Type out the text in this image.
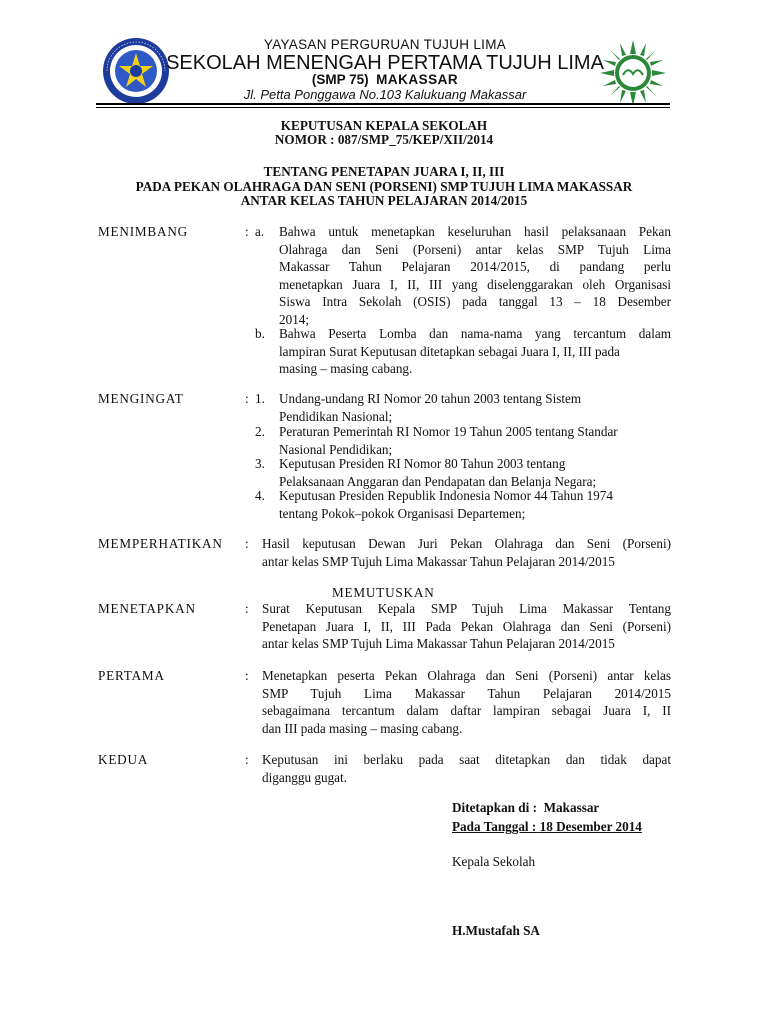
YAYASAN PERGURUAN TUJUH LIMA
SEKOLAH MENENGAH PERTAMA TUJUH LIMA
(SMP 75) MAKASSAR
Jl. Petta Ponggawa No.103 Kalukuang Makassar
KEPUTUSAN KEPALA SEKOLAH
NOMOR : 087/SMP_75/KEP/XII/2014
TENTANG PENETAPAN JUARA I, II, III
PADA PEKAN OLAHRAGA DAN SENI (PORSENI) SMP TUJUH LIMA MAKASSAR
ANTAR KELAS TAHUN PELAJARAN 2014/2015
MENIMBANG	: a. Bahwa untuk menetapkan keseluruhan hasil pelaksanaan Pekan
Olahraga dan Seni (Porseni) antar kelas SMP Tujuh Lima
Makassar Tahun Pelajaran 2014/2015, di pandang perlu
menetapkan Juara I, II, III yang diselenggarakan oleh Organisasi
Siswa Intra Sekolah (OSIS) pada tanggal 13 – 18 Desember
2014;
b. Bahwa Peserta Lomba dan nama-nama yang tercantum dalam
lampiran Surat Keputusan ditetapkan sebagai Juara I, II, III pada
masing – masing cabang.
MENGINGAT	: 1. Undang-undang RI Nomor 20 tahun 2003 tentang Sistem
Pendidikan Nasional;
2. Peraturan Pemerintah RI Nomor 19 Tahun 2005 tentang Standar
Nasional Pendidikan;
3. Keputusan Presiden RI Nomor 80 Tahun 2003 tentang
Pelaksanaan Anggaran dan Pendapatan dan Belanja Negara;
4. Keputusan Presiden Republik Indonesia Nomor 44 Tahun 1974
tentang Pokok–pokok Organisasi Departemen;
MEMPERHATIKAN : Hasil keputusan Dewan Juri Pekan Olahraga dan Seni (Porseni)
antar kelas SMP Tujuh Lima Makassar Tahun Pelajaran 2014/2015
MEMUTUSKAN
MENETAPKAN	: Surat Keputusan Kepala SMP Tujuh Lima Makassar Tentang
Penetapan Juara I, II, III Pada Pekan Olahraga dan Seni (Porseni)
antar kelas SMP Tujuh Lima Makassar Tahun Pelajaran 2014/2015
PERTAMA	: Menetapkan peserta Pekan Olahraga dan Seni (Porseni) antar kelas
SMP Tujuh Lima Makassar Tahun Pelajaran 2014/2015
sebagaimana tercantum dalam daftar lampiran sebagai Juara I, II
dan III pada masing – masing cabang.
KEDUA	: Keputusan ini berlaku pada saat ditetapkan dan tidak dapat
diganggu gugat.
Ditetapkan di : Makassar
Pada Tanggal : 18 Desember 2014
Kepala Sekolah
H.Mustafah SA
